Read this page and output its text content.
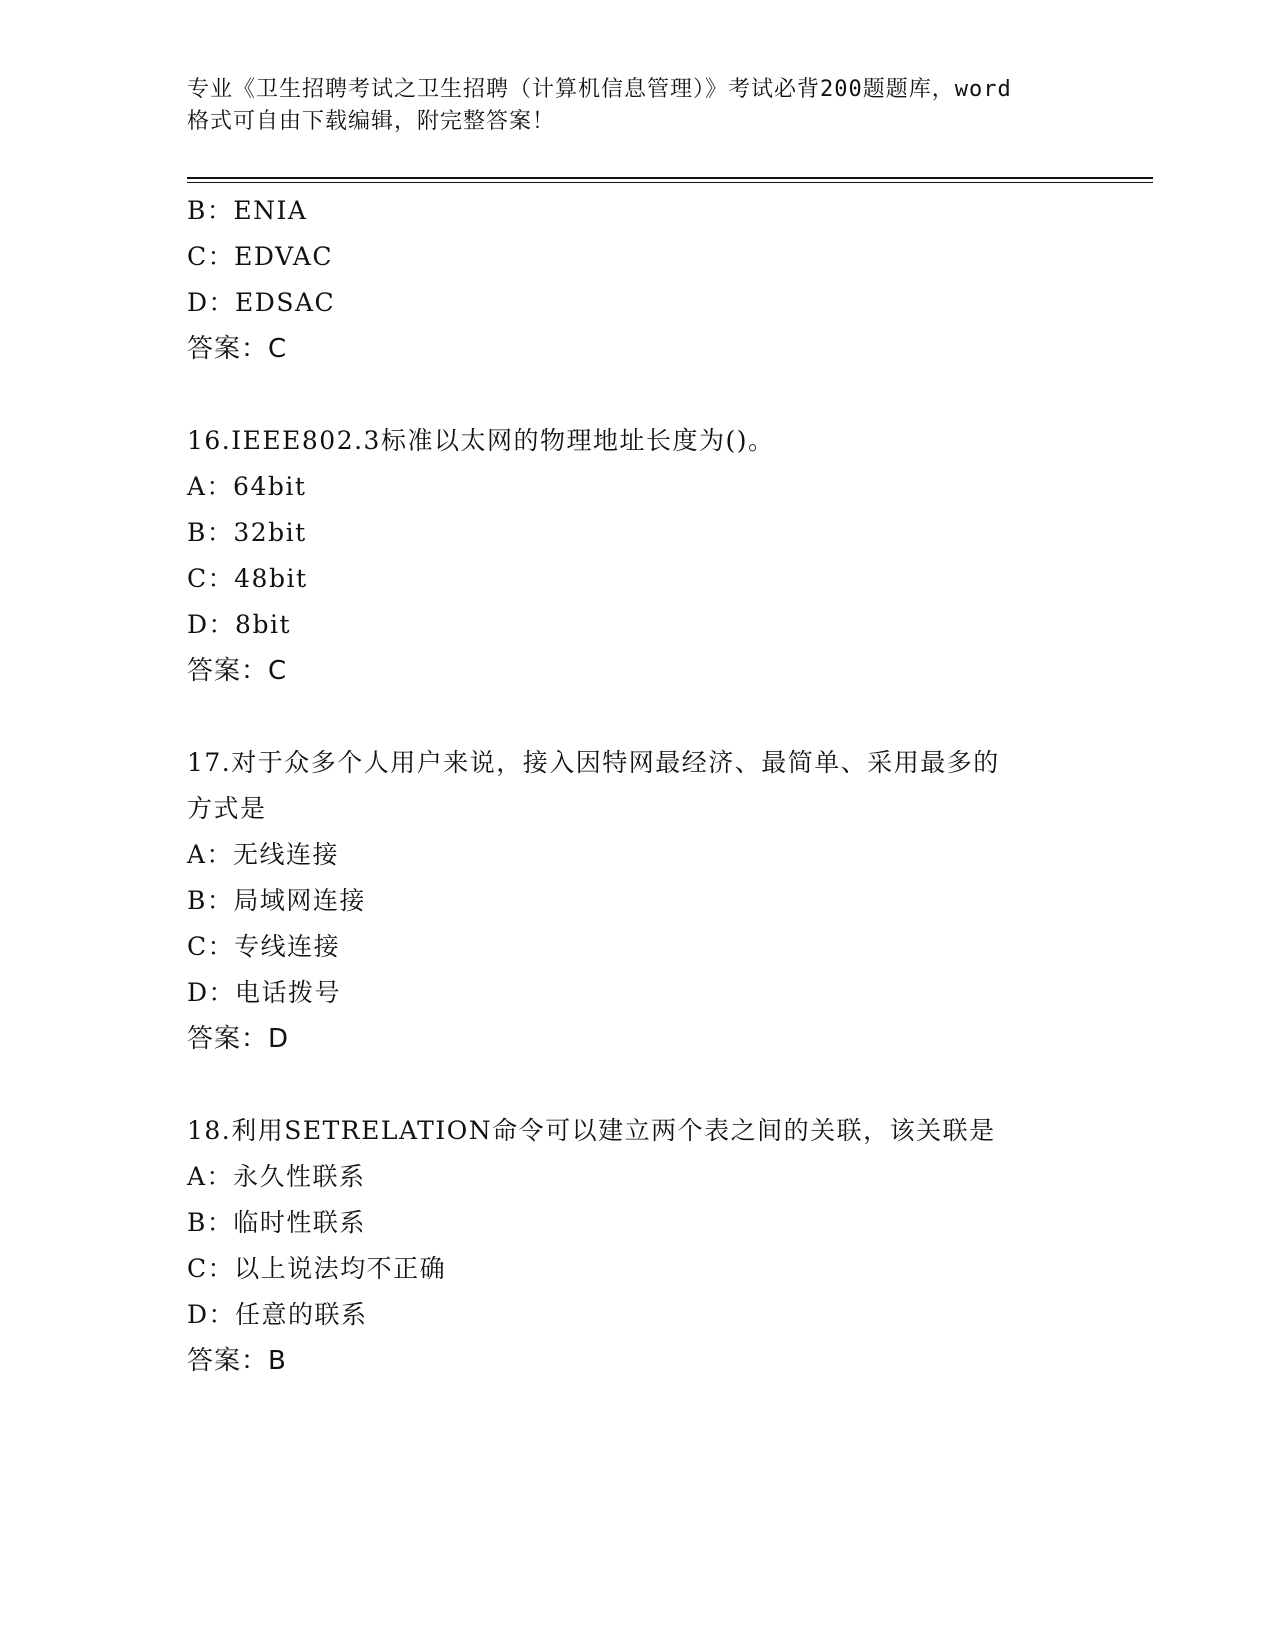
专业《卫生招聘考试之卫生招聘（计算机信息管理）》考试必背200题题库，word
格式可自由下载编辑，附完整答案！
B：ENIA
C：EDVAC
D：EDSAC
答案：C
16.IEEE802.3标准以太网的物理地址长度为()。
A：64bit
B：32bit
C：48bit
D：8bit
答案：C
17.对于众多个人用户来说，接入因特网最经济、最简单、采用最多的
方式是
A：无线连接
B：局域网连接
C：专线连接
D：电话拨号
答案：D
18.利用SETRELATION命令可以建立两个表之间的关联，该关联是
A：永久性联系
B：临时性联系
C：以上说法均不正确
D：任意的联系
答案：B
